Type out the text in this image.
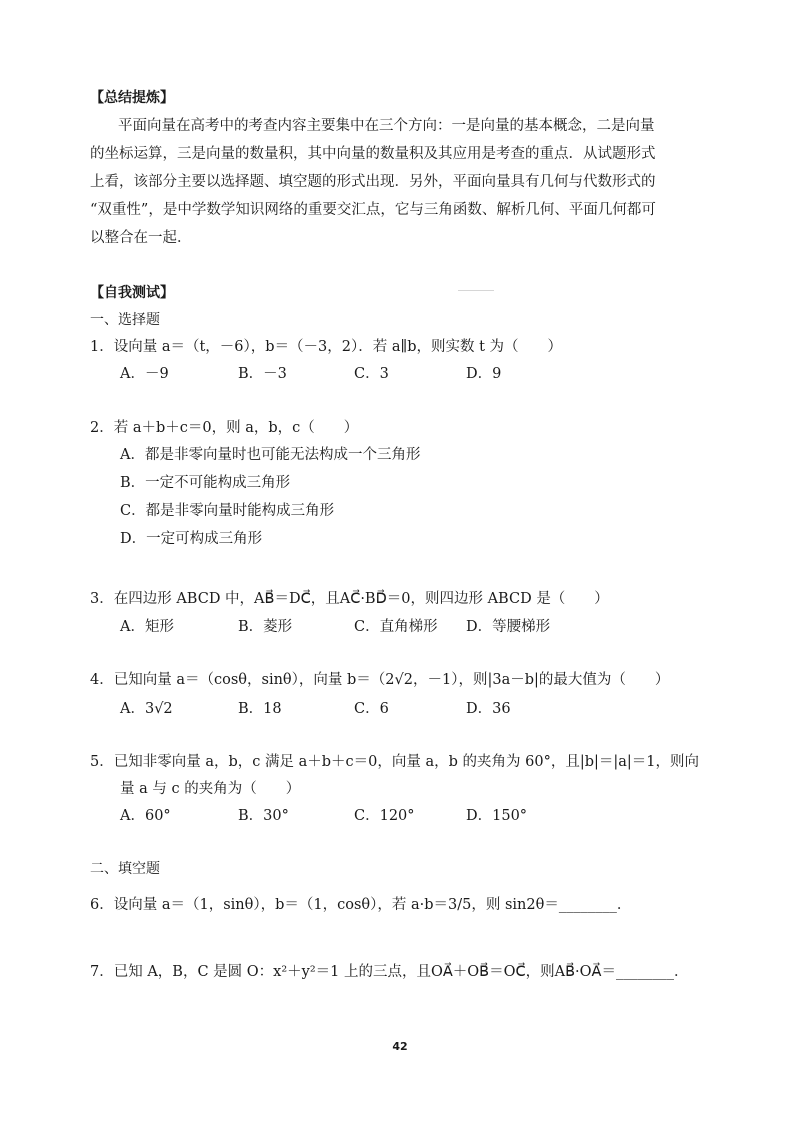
【总结提炼】
平面向量在高考中的考查内容主要集中在三个方向：一是向量的基本概念，二是向量
的坐标运算，三是向量的数量积，其中向量的数量积及其应用是考查的重点．从试题形式
上看，该部分主要以选择题、填空题的形式出现．另外，平面向量具有几何与代数形式的
“双重性”，是中学数学知识网络的重要交汇点，它与三角函数、解析几何、平面几何都可
以整合在一起．
【自我测试】
一、选择题
1．设向量 a＝（t，－6），b＝（－3，2）．若 a∥b，则实数 t 为（　　）
A．－9	B．－3	C．3	D．9
2．若 a＋b＋c＝0，则 a，b，c（　　）
A．都是非零向量时也可能无法构成一个三角形
B．一定不可能构成三角形
C．都是非零向量时能构成三角形
D．一定可构成三角形
3．在四边形 ABCD 中，AB⃗＝DC⃗，且AC⃗·BD⃗＝0，则四边形 ABCD 是（　　）
A．矩形	B．菱形	C．直角梯形 D．等腰梯形
4．已知向量 a＝（cosθ，sinθ），向量 b＝（2√2，－1），则|3a－b|的最大值为（　　）
A．3√2	B．18	C．6	D．36
5．已知非零向量 a，b，c 满足 a＋b＋c＝0，向量 a，b 的夹角为 60°，且|b|＝|a|＝1，则向
量 a 与 c 的夹角为（　　）
A．60°	B．30°	C．120°	D．150°
二、填空题
6．设向量 a＝（1，sinθ），b＝（1，cosθ），若 a·b＝3/5，则 sin2θ＝________．
7．已知 A，B，C 是圆 O：x²＋y²＝1 上的三点，且OA⃗＋OB⃗＝OC⃗，则AB⃗·OA⃗＝________．
42
